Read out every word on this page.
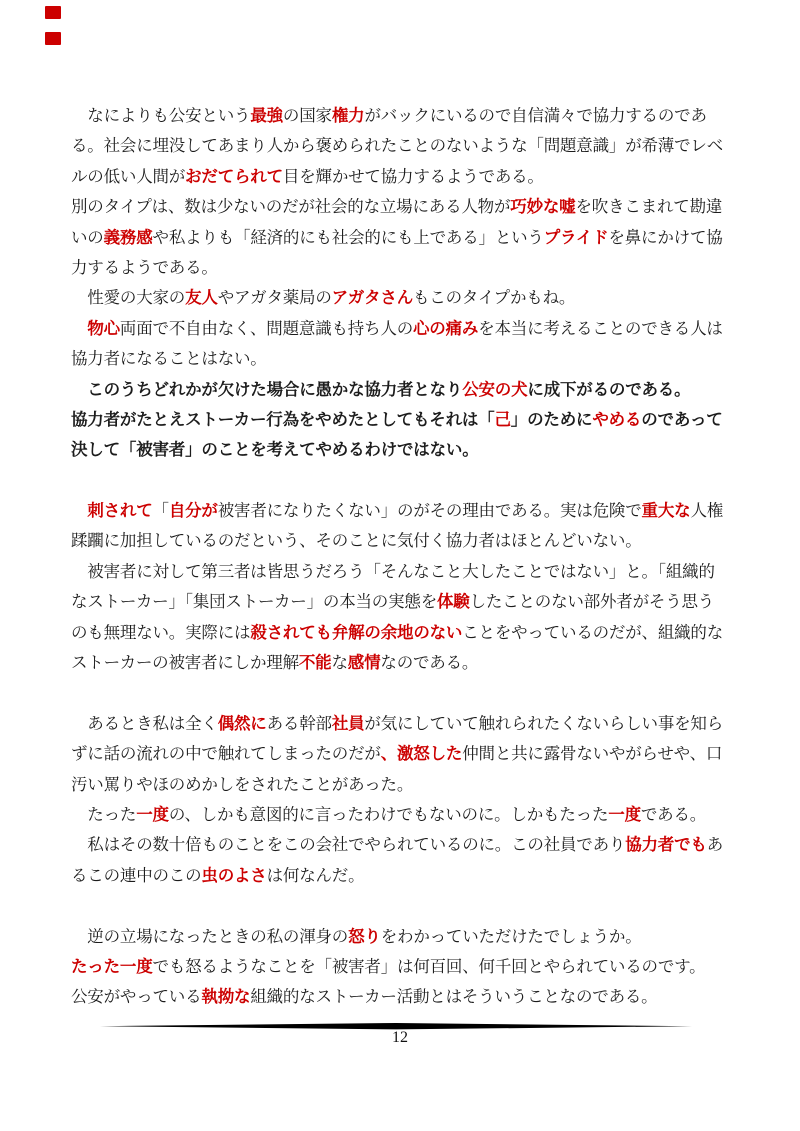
　なによりも公安という最強の国家権力がバックにいるので自信満々で協力するのであ
る。社会に埋没してあまり人から褒められたことのないような「問題意識」が希薄でレベ
ルの低い人間がおだてられて目を輝かせて協力するようである。
別のタイプは、数は少ないのだが社会的な立場にある人物が巧妙な嘘を吹きこまれて勘違
いの義務感や私よりも「経済的にも社会的にも上である」というプライドを鼻にかけて協
力するようである。
　性愛の大家の友人やアガタ薬局のアガタさんもこのタイプかもね。
　物心両面で不自由なく、問題意識も持ち人の心の痛みを本当に考えることのできる人は
協力者になることはない。
　このうちどれかが欠けた場合に愚かな協力者となり公安の犬に成下がるのである。
協力者がたとえストーカー行為をやめたとしてもそれは「己」のためにやめるのであって
決して「被害者」のことを考えてやめるわけではない。
　刺されて「自分が被害者になりたくない」のがその理由である。実は危険で重大な人権
蹂躙に加担しているのだという、そのことに気付く協力者はほとんどいない。
　被害者に対して第三者は皆思うだろう「そんなこと大したことではない」と。「組織的
なストーカー」「集団ストーカー」の本当の実態を体験したことのない部外者がそう思う
のも無理ない。実際には殺されても弁解の余地のないことをやっているのだが、組織的な
ストーカーの被害者にしか理解不能な感情なのである。
　あるとき私は全く偶然にある幹部社員が気にしていて触れられたくないらしい事を知ら
ずに話の流れの中で触れてしまったのだが、激怒した仲間と共に露骨ないやがらせや、口
汚い罵りやほのめかしをされたことがあった。
　たった一度の、しかも意図的に言ったわけでもないのに。しかもたった一度である。
　私はその数十倍ものことをこの会社でやられているのに。この社員であり協力者でもあ
るこの連中のこの虫のよさは何なんだ。
　逆の立場になったときの私の渾身の怒りをわかっていただけたでしょうか。
たった一度でも怒るようなことを「被害者」は何百回、何千回とやられているのです。
公安がやっている執拗な組織的なストーカー活動とはそういうことなのである。
12
